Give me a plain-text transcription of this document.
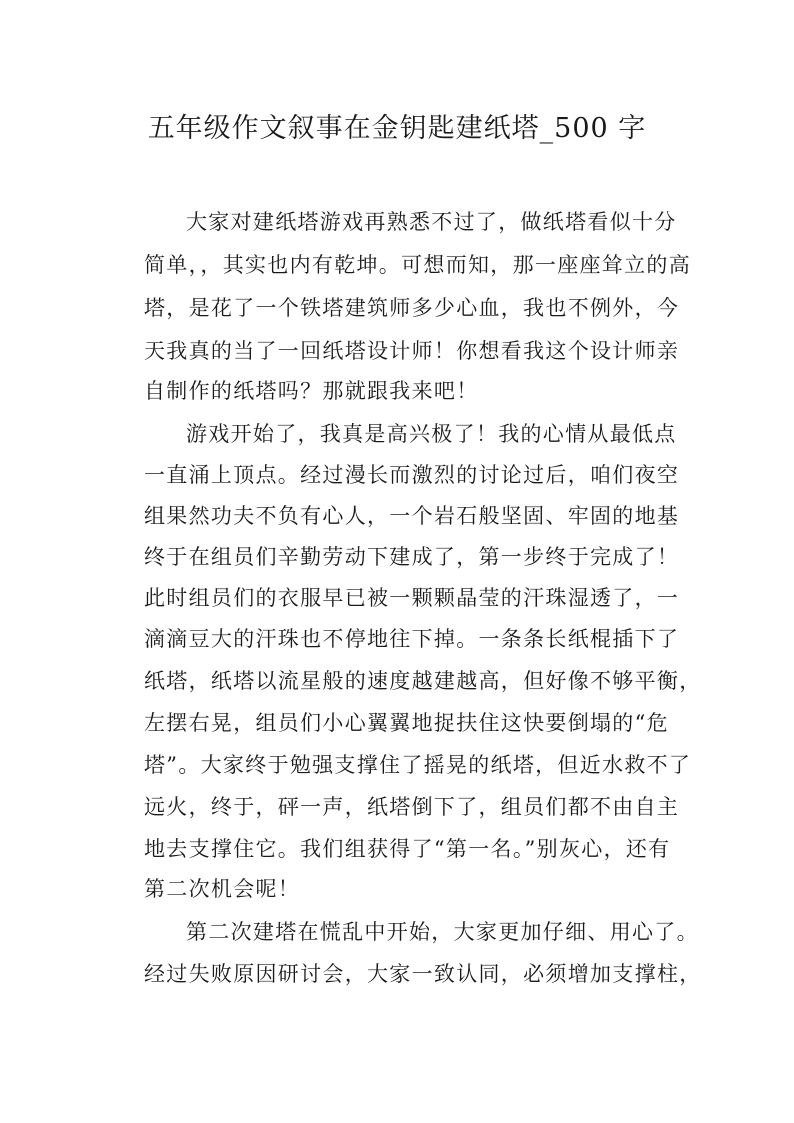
五年级作文叙事在金钥匙建纸塔_500 字
大家对建纸塔游戏再熟悉不过了，做纸塔看似十分
简单，，其实也内有乾坤。可想而知，那一座座耸立的高
塔，是花了一个铁塔建筑师多少心血，我也不例外，今
天我真的当了一回纸塔设计师！你想看我这个设计师亲
自制作的纸塔吗？那就跟我来吧！
游戏开始了，我真是高兴极了！我的心情从最低点
一直涌上顶点。经过漫长而激烈的讨论过后，咱们夜空
组果然功夫不负有心人，一个岩石般坚固、牢固的地基
终于在组员们辛勤劳动下建成了，第一步终于完成了！
此时组员们的衣服早已被一颗颗晶莹的汗珠湿透了，一
滴滴豆大的汗珠也不停地往下掉。一条条长纸棍插下了
纸塔，纸塔以流星般的速度越建越高，但好像不够平衡，
左摆右晃，组员们小心翼翼地捉扶住这快要倒塌的“危
塔”。大家终于勉强支撑住了摇晃的纸塔，但近水救不了
远火，终于，砰一声，纸塔倒下了，组员们都不由自主
地去支撑住它。我们组获得了“第一名。”别灰心，还有
第二次机会呢！
第二次建塔在慌乱中开始，大家更加仔细、用心了。
经过失败原因研讨会，大家一致认同，必须增加支撑柱，
